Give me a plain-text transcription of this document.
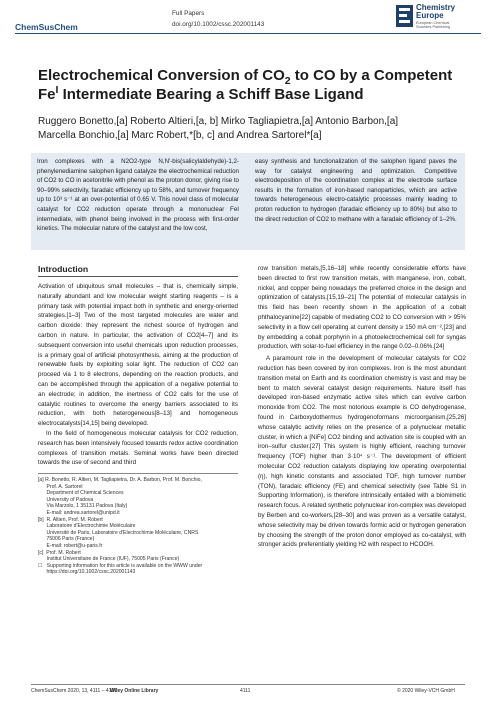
ChemSusChem
Full Papers
doi.org/10.1002/cssc.202001143
Chemistry
Europe
European Chemical
Societies Publishing
Electrochemical Conversion of $CO_2$ to CO by a Competent
$Fe^I$ Intermediate Bearing a Schiff Base Ligand
Ruggero Bonetto,[a] Roberto Altieri,[a, b] Mirko Tagliapietra,[a] Antonio Barbon,[a]
Marcella Bonchio,[a] Marc Robert,*[b, c] and Andrea Sartorel*[a]
Iron complexes with a N2O2-type N,N′-bis(salicylaldehyde)-1,2-phenylenediamine salophen ligand catalyze the electrochemical reduction of CO2 to CO in acetonitrile with phenol as the proton donor, giving rise to 90–99% selectivity, faradaic efficiency up to 58%, and turnover frequency up to 10³ s⁻¹ at an over-potential of 0.65 V. This novel class of molecular catalyst for CO2 reduction operate through a mononuclear FeI intermediate, with phenol being involved in the process with first-order kinetics. The molecular nature of the catalyst and the low cost,
easy synthesis and functionalization of the salophen ligand paves the way for catalyst engineering and optimization. Competitive electrodeposition of the coordination complex at the electrode surface results in the formation of iron-based nanoparticles, which are active towards heterogeneous electro-catalytic processes mainly leading to proton reduction to hydrogen (faradaic efficiency up to 80%) but also to the direct reduction of CO2 to methane with a faradaic efficiency of 1–2%.
Introduction

Activation of ubiquitous small molecules – that is, chemically simple, naturally abundant and low molecular weight starting reagents – is a primary task with potential impact both in synthetic and energy-oriented strategies.[1–3] Two of the most targeted molecules are water and carbon dioxide: they represent the richest source of hydrogen and carbon in nature. In particular, the activation of CO2[4–7] and its subsequent conversion into useful chemicals upon reduction processes, is a primary goal of artificial photosynthesis, aiming at the production of renewable fuels by exploiting solar light. The reduction of CO2 can proceed via 1 to 8 electrons, depending on the reaction products, and can be accomplished through the application of a negative potential to an electrode; in addition, the inertness of CO2 calls for the use of catalytic routines to overcome the energy barriers associated to its reduction, with both heterogeneous[8–13] and homogeneous electrocatalysts[14,15] being developed.

In the field of homogeneous molecular catalysis for CO2 reduction, research has been intensively focused towards redox active coordination complexes of transition metals. Seminal works have been directed towards the use of second and third

[a] R. Bonetto, R. Altieri, M. Tagliapietra, Dr. A. Barbon, Prof. M. Bonchio,
Prof. A. Sartorel
Department of Chemical Sciences
University of Padova
Via Marzolo, 1 35131 Padova (Italy)
E-mail: andrea.sartorel@unipd.it
[b]  R. Altieri, Prof. M. Robert
Laboratoire d'Electrochimie Moléculaire
Université de Paris, Laboratoire d'Electrochimie Moléculaire, CNRS
75006 Paris (France)
E-mail: robert@u-paris.fr
[c]  Prof. M. Robert
Institut Universitaire de France (IUF), 75005 Paris (France)
☐   Supporting information for this article is available on the WWW under
https://doi.org/10.1002/cssc.202001143

row transition metals,[5,16–18] while recently considerable efforts have been directed to first row transition metals, with manganese, iron, cobalt, nickel, and copper being nowadays the preferred choice in the design and optimization of catalysts.[15,19–21] The potential of molecular catalysis in this field has been recently shown in the application of a cobalt phthalocyanine[22] capable of mediating CO2 to CO conversion with > 95% selectivity in a flow cell operating at current density ≥ 150 mA cm⁻²,[23] and by embedding a cobalt porphyrin in a photoelectrochemical cell for syngas production, with solar-to-fuel efficiency in the range 0.02–0.06%.[24]

A paramount role in the development of molecular catalysts for CO2 reduction has been covered by iron complexes. Iron is the most abundant transition metal on Earth and its coordination chemistry is vast and may be bent to match several catalyst design requirements. Nature itself has developed iron-based enzymatic active sites which can evolve carbon monoxide from CO2. The most notorious example is CO dehydrogenase, found in Carboxydothermus hydrogenoformans microorganism,[25,26] whose catalytic activity relies on the presence of a polynuclear metallic cluster, in which a [NiFe] CO2 binding and activation site is coupled with an iron–sulfur cluster.[27] This system is highly efficient, reaching turnover frequency (TOF) higher than 3·10⁴ s⁻¹. The development of efficient molecular CO2 reduction catalysts displaying low operating overpotential (η), high kinetic constants and associated TOF, high turnover number (TON), faradaic efficiency (FE) and chemical selectivity (see Table S1 in Supporting Information), is therefore intrinsically entailed with a biomimetic research focus. A related synthetic polynuclear iron-complex was developed by Berben and co-workers,[28–30] and was proven as a versatile catalyst, whose selectivity may be driven towards formic acid or hydrogen generation by choosing the strength of the proton donor employed as co-catalyst, with stronger acids preferentially yielding H2 with respect to HCOOH.

ChemSusChem 2020, 13, 4111 – 4120
Wiley Online Library	4111	© 2020 Wiley-VCH GmbH
